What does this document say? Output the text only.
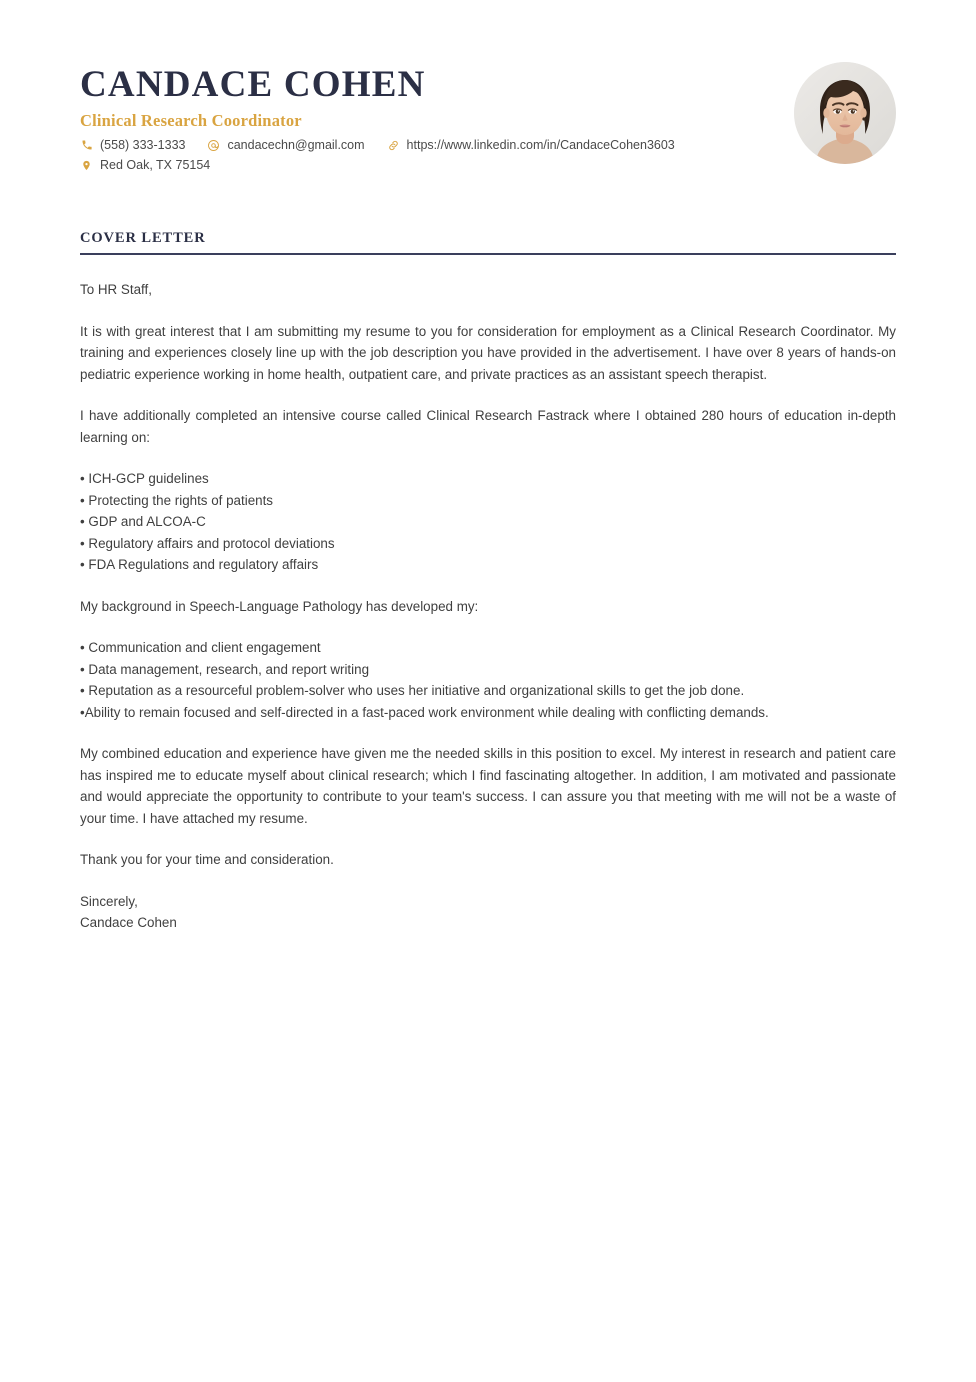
CANDACE COHEN
Clinical Research Coordinator
(558) 333-1333	candacechn@gmail.com	https://www.linkedin.com/in/CandaceCohen3603
Red Oak, TX 75154
COVER LETTER
To HR Staff,

It is with great interest that I am submitting my resume to you for consideration for employment as a Clinical Research Coordinator. My training and experiences closely line up with the job description you have provided in the advertisement. I have over 8 years of hands-on pediatric experience working in home health, outpatient care, and private practices as an assistant speech therapist.

I have additionally completed an intensive course called Clinical Research Fastrack where I obtained 280 hours of education in-depth learning on:

• ICH-GCP guidelines
• Protecting the rights of patients
• GDP and ALCOA-C
• Regulatory affairs and protocol deviations
• FDA Regulations and regulatory affairs

My background in Speech-Language Pathology has developed my:

• Communication and client engagement
• Data management, research, and report writing
• Reputation as a resourceful problem-solver who uses her initiative and organizational skills to get the job done.
•Ability to remain focused and self-directed in a fast-paced work environment while dealing with conflicting demands.

My combined education and experience have given me the needed skills in this position to excel. My interest in research and patient care has inspired me to educate myself about clinical research; which I find fascinating altogether. In addition, I am motivated and passionate and would appreciate the opportunity to contribute to your team's success. I can assure you that meeting with me will not be a waste of your time. I have attached my resume.

Thank you for your time and consideration.

Sincerely,
Candace Cohen
